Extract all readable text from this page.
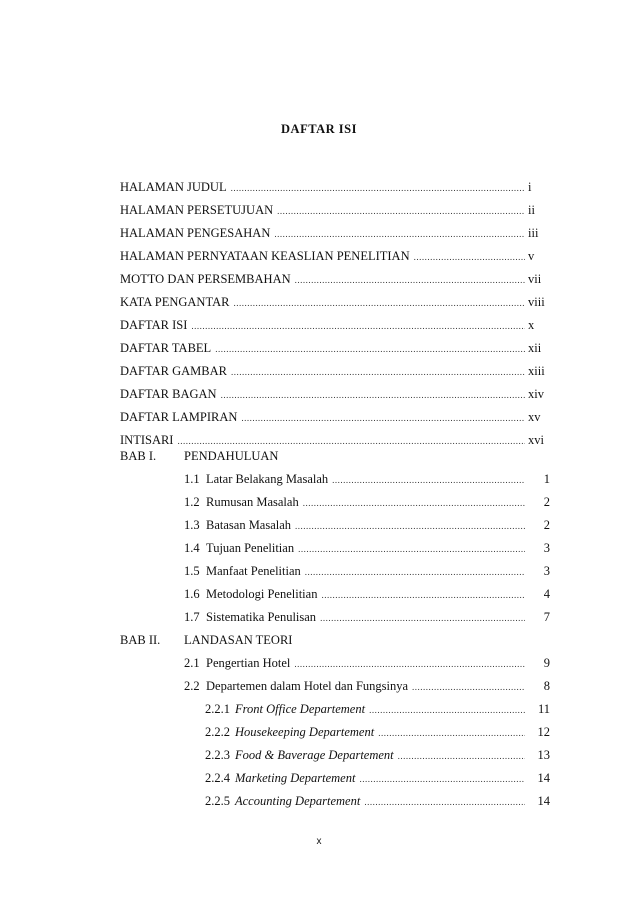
DAFTAR ISI
HALAMAN JUDUL .....	i
HALAMAN PERSETUJUAN .....	ii
HALAMAN PENGESAHAN .....	iii
HALAMAN PERNYATAAN KEASLIAN PENELITIAN .....	v
MOTTO DAN PERSEMBAHAN .....	vii
KATA PENGANTAR .....	viii
DAFTAR ISI .....	x
DAFTAR TABEL .....	xii
DAFTAR GAMBAR .....	xiii
DAFTAR BAGAN .....	xiv
DAFTAR LAMPIRAN .....	xv
INTISARI .....	xvi
BAB I.	PENDAHULUAN
1.1 Latar Belakang Masalah .....	1
1.2 Rumusan Masalah .....	2
1.3 Batasan Masalah .....	2
1.4 Tujuan Penelitian .....	3
1.5 Manfaat Penelitian .....	3
1.6 Metodologi Penelitian .....	4
1.7 Sistematika Penulisan .....	7
BAB II.	LANDASAN TEORI
2.1 Pengertian Hotel .....	9
2.2 Departemen dalam Hotel dan Fungsinya .....	8
2.2.1 Front Office Departement .....	11
2.2.2 Housekeeping Departement .....	12
2.2.3 Food & Baverage Departement .....	13
2.2.4 Marketing Departement .....	14
2.2.5 Accounting Departement .....	14
x
